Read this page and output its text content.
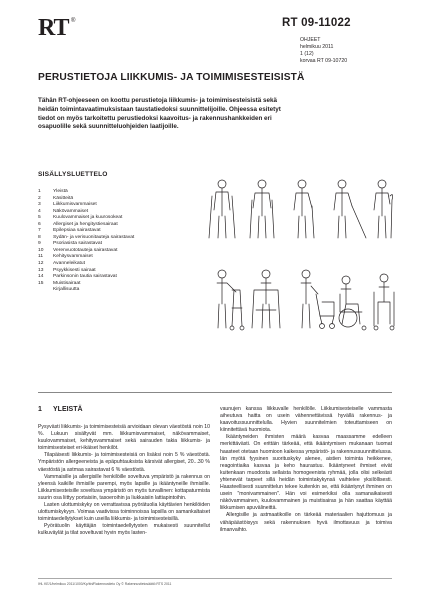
RT ®	RT 09-11022
OHJEET
helmikuu 2011
1 (12)
korvaa RT 09-10720
PERUSTIETOJA LIIKKUMIS- JA TOIMIMISESTEISISTÄ

Tähän RT-ohjeeseen on koottu perustietoja liikkumis- ja toimimisesteisistä sekä heidän toimintavaatimuksistaan taustatiedoksi suunnittelijoille. Ohjeessa esitetyt tiedot on myös tarkoitettu perustiedoksi kaavoitus- ja rakennushankkeiden eri osapuolille sekä suunnitteluohjeiden laatijoille.

SISÄLLYSLUETTELO
1	Yleistä
2	Käsitteitä
3	Liikkumisvammaiset
4	Näkövammaiset
5	Kuulovammaiset ja kuurosokeat
6	Allergiset ja hengitystiesairaat
7	Epilepsiaa sairastavat
8	Sydän- ja verisuonitauteja sairastavat
9	Psoriasista sairastavat
10 Verenvuototauteja sairastavat
11 Kehitysvammaiset
12 Avanneleikatut
13 Psyykkisesti sairaat
14 Parkinsonin tautia sairastavat
15 Muistisairaat
Kirjallisuutta
1 YLEISTÄ

Pysyvästi liikkumis- ja toimimisesteisiä arvioidaan olevan väestöstä noin 10 %. Lukuun sisältyvät mm. liikkumisvammaiset, näkövammaiset, kuulovammaiset, kehitysvammaiset sekä sairauden takia liikkumis- ja toimimisesteiset eri-ikäiset henkilöt.

Tilapäisesti liikkumis- ja toimimisesteisiä on lisäksi noin 5 % väestöstä. Ympäristön allergeeneista ja epäpuhtauksista kärsivät allergiset, 20...30 % väestöstä ja astmaa sairastavat 6 % väestöstä.

Vammaisille ja allergisille henkilöille soveltuva ympäristö ja rakennus on yleensä kaikille ihmisille parempi, myös lapsille ja ikääntyneille ihmisille. Liikkumisesteisille soveltuva ympäristö on myös turvallinen: kottapaturmista suurin osa liittyy portaisiin, tasoeroihin ja liukkaisiin lattiapintoihin.

Lasten ulottumiskyky on verrattavissa pyörätuolia käyttävien henkilöiden ulottumiskykyyn. Voimaa vaativissa toiminnoissa lapsilla on samankaltaiset toimintaedellytykset kuin useilla liikkumis- ja toimimisesteisillä.

Pyörätuolin käyttäjän toimintaedellytysten mukaisesti suunnitellut kulkuväylät ja tilat soveltuvat hyvin myös lasten-

vaunujen kanssa liikkuvalle henkilölle. Liikkumisesteiselle vammasta aiheutuva haitta on usein vähennettävissä hyvällä rakennus- ja kaavoitussuunnittelulla. Hyvien suunnitelmien toteuttamiseen on kiinnitettävä huomiota.

Ikääntyneiden ihmisten määrä kasvaa maassamme edelleen merkittävästi. On erittäin tärkeää, että ikääntymisen mukanaan tuomat haasteet otetaan huomioon kaikessa ympäristö- ja rakennussuunnittelussa. Iän myötä fyysinen suorituskyky alenee, aistien toiminta heikkenee, reagointiaika kasvaa ja keho haurastuu. Ikääntyneet ihmiset eivät kuitenkaan muodosta sellaista homogeenista ryhmää, jolla olisi selkeästi yhtenevät tarpeet sillä heidän toimintakykynsä vaihtelee yksilöllisesti. Haasteellisesti suunnittelun tekee kuitenkin se, että ikääntynyt ihminen on usein "monivammainen". Hän voi esimerkiksi olla samanaikaisesti näkövammainen, kuulovammainen ja muistisairas ja hän saattaa käyttää liikkumisen apuvälineittä.

Allergisille ja astmaatikoille on tärkeää materiaalien hajuttomuus ja vähäpäästöisyys sekä rakennuksen hyvä ilmottavuus ja toimiva ilmanvaihto.

IHL KE/1/helmikuu 2011/1000/Kp/ttri/Rakennustieto Oy © Rakennustietosäätiö RTS 2011
